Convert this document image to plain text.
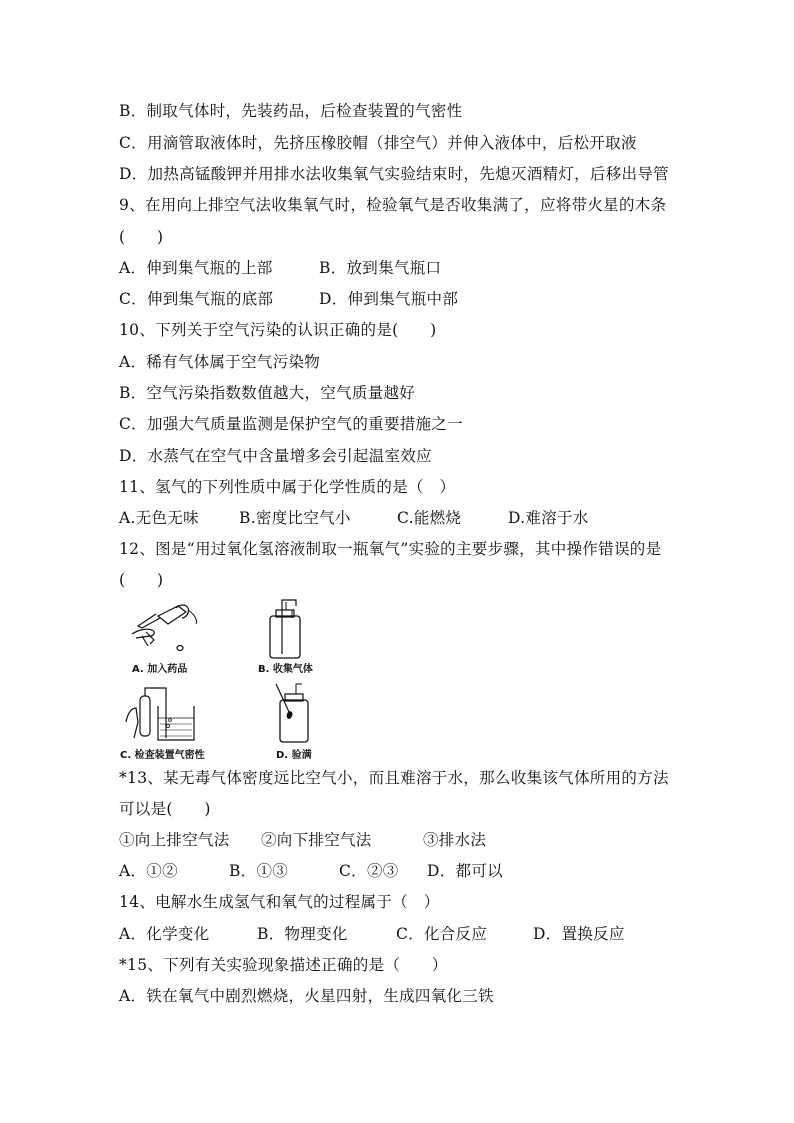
B．制取气体时，先装药品，后检查装置的气密性
C．用滴管取液体时，先挤压橡胶帽（排空气）并伸入液体中，后松开取液
D．加热高锰酸钾并用排水法收集氧气实验结束时，先熄灭酒精灯，后移出导管
9、在用向上排空气法收集氧气时，检验氧气是否收集满了，应将带火星的木条
(　　)
A．伸到集气瓶的上部	B．放到集气瓶口
C．伸到集气瓶的底部	D．伸到集气瓶中部
10、下列关于空气污染的认识正确的是(　　)
A．稀有气体属于空气污染物
B．空气污染指数数值越大，空气质量越好
C．加强大气质量监测是保护空气的重要措施之一
D．水蒸气在空气中含量增多会引起温室效应
11、氢气的下列性质中属于化学性质的是（　）
A.无色无味	B.密度比空气小	C.能燃烧	D.难溶于水
12、图是“用过氧化氢溶液制取一瓶氧气”实验的主要步骤，其中操作错误的是
(　　)
A. 加入药品	B. 收集气体
C. 检查装置气密性	D. 验满
*13、某无毒气体密度远比空气小，而且难溶于水，那么收集该气体所用的方法
可以是(　　)
①向上排空气法 ②向下排空气法	③排水法
A．①②	B．①③	C．②③ D．都可以
14、电解水生成氢气和氧气的过程属于（　）
A．化学变化	B．物理变化	C．化合反应	D．置换反应
*15、下列有关实验现象描述正确的是（　　）
A．铁在氧气中剧烈燃烧，火星四射，生成四氧化三铁
